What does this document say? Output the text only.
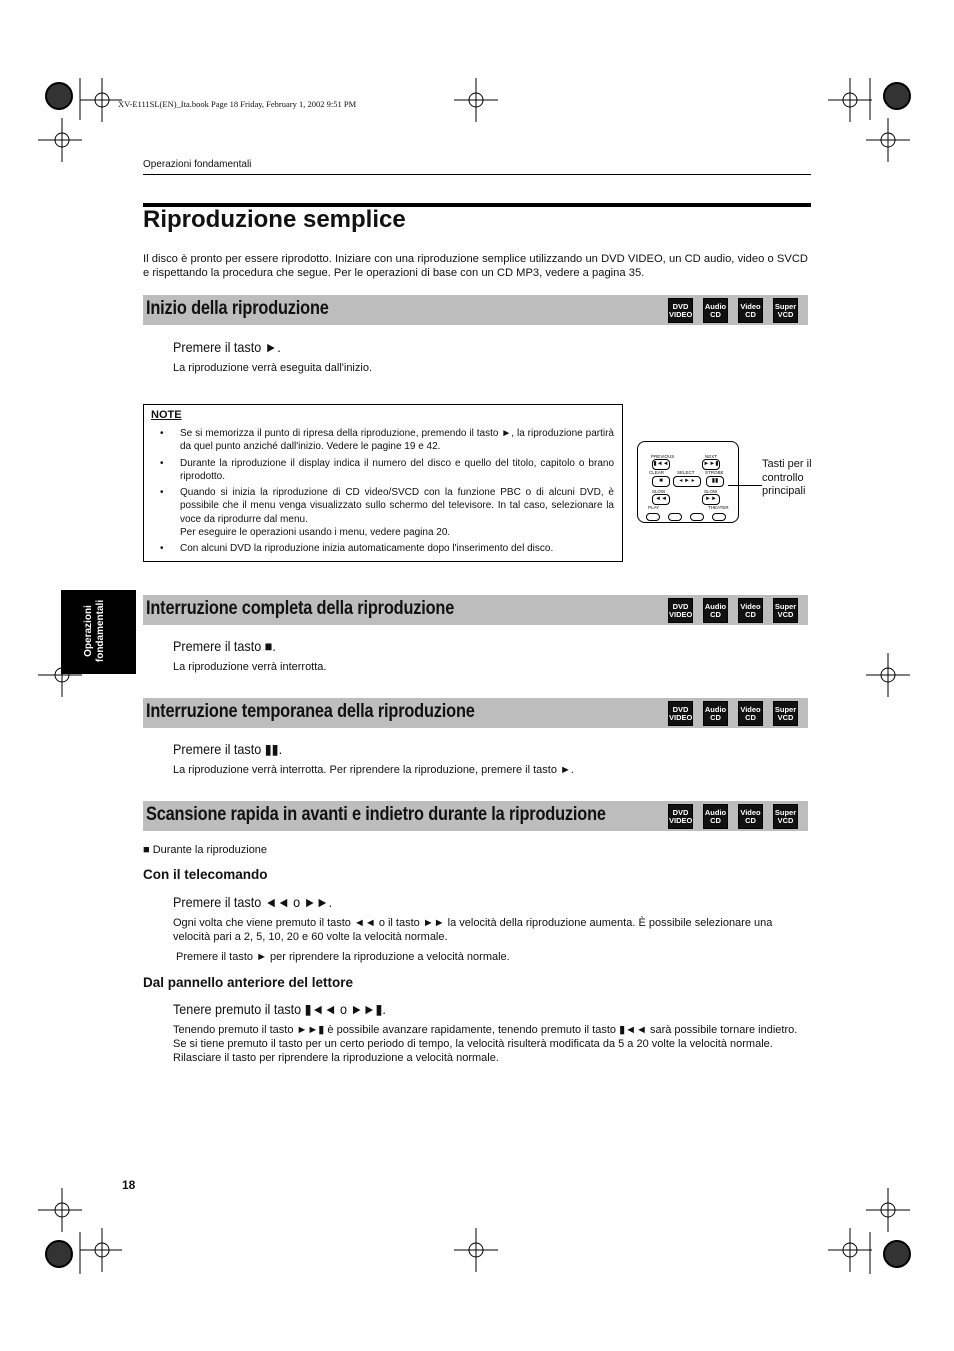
XV-E111SL(EN)_Ita.book Page 18 Friday, February 1, 2002 9:51 PM
Operazioni fondamentali
Riproduzione semplice
Il disco è pronto per essere riprodotto. Iniziare con una riproduzione semplice utilizzando un DVD VIDEO, un CD audio, video o SVCD e rispettando la procedura che segue. Per le operazioni di base con un CD MP3, vedere a pagina 35.
Inizio della riproduzione	DVD
VIDEO
Audio
CD
Video
CD
Super
VCD
Premere il tasto ►.
La riproduzione verrà eseguita dall'inizio.
NOTE
• Se si memorizza il punto di ripresa della riproduzione, premendo il tasto ►, la riproduzione partirà da quel punto anziché dall'inizio. Vedere le pagine 19 e 42.
• Durante la riproduzione il display indica il numero del disco e quello del titolo, capitolo o brano riprodotto.
• Quando si inizia la riproduzione di CD video/SVCD con la funzione PBC o di alcuni DVD, è possibile che il menu venga visualizzato sullo schermo del televisore. In tal caso, selezionare la voce da riprodurre dal menu.
Per eseguire le operazioni usando i menu, vedere pagina 20.
• Con alcuni DVD la riproduzione inizia automaticamente dopo l'inserimento del disco.
PREVIOUS	NEXT
▮◄◄	►►▮
CLEAR	SELECT STROBE
■	◂ ► ▸	▮▮
SLOW	SLOW
◄◄	►►
PLAY	THEATER
Tasti per il
controllo
principali
Operazioni fondamentali Interruzione completa della riproduzione	DVD
VIDEO
Audio
CD
Video
CD
Super
VCD
Premere il tasto ■.
La riproduzione verrà interrotta.
Interruzione temporanea della riproduzione	DVD
VIDEO
Audio
CD
Video
CD
Super
VCD
Premere il tasto ▮▮.
La riproduzione verrà interrotta. Per riprendere la riproduzione, premere il tasto ►.
Scansione rapida in avanti e indietro durante la riproduzione	DVD
VIDEO
Audio
CD
Video
CD
Super
VCD
■ Durante la riproduzione
Con il telecomando
Premere il tasto ◄◄ o ►►.
Ogni volta che viene premuto il tasto ◄◄ o il tasto ►► la velocità della riproduzione aumenta. È possibile selezionare una velocità pari a 2, 5, 10, 20 e 60 volte la velocità normale.
Premere il tasto ► per riprendere la riproduzione a velocità normale.
Dal pannello anteriore del lettore
Tenere premuto il tasto ▮◄◄ o ►►▮.
Tenendo premuto il tasto ►►▮ è possibile avanzare rapidamente, tenendo premuto il tasto ▮◄◄ sarà possibile tornare indietro. Se si tiene premuto il tasto per un certo periodo di tempo, la velocità risulterà modificata da 5 a 20 volte la velocità normale. Rilasciare il tasto per riprendere la riproduzione a velocità normale.
18
